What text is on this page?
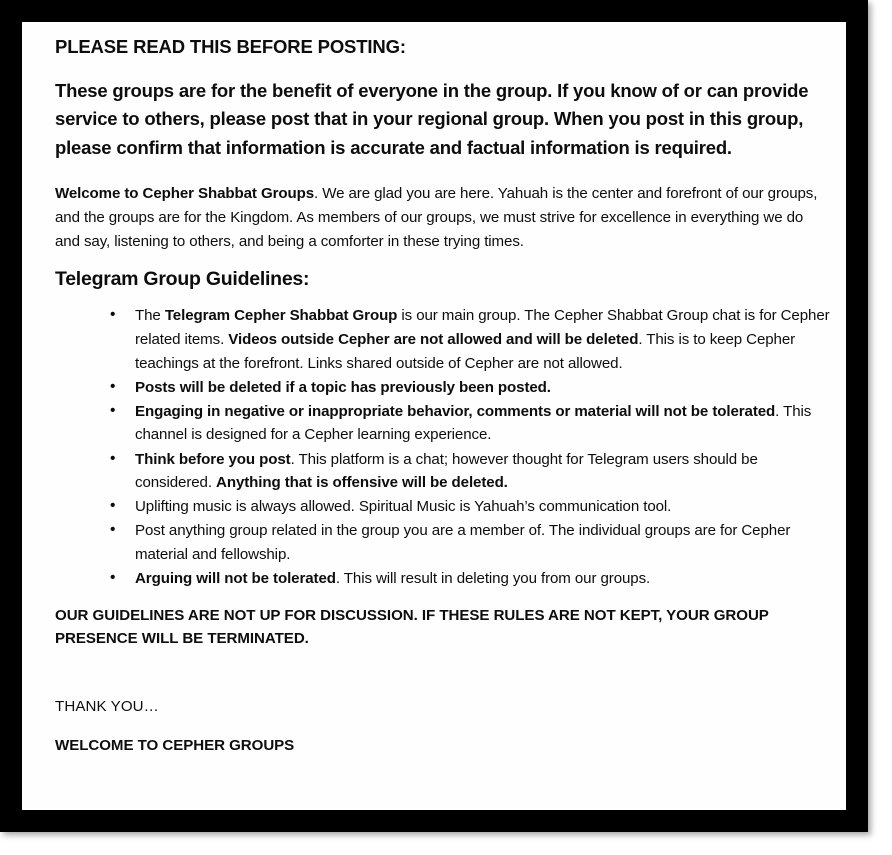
PLEASE READ THIS BEFORE POSTING:

These groups are for the benefit of everyone in the group. If you know of or can provide service to others, please post that in your regional group. When you post in this group, please confirm that information is accurate and factual information is required.

Welcome to Cepher Shabbat Groups. We are glad you are here. Yahuah is the center and forefront of our groups, and the groups are for the Kingdom. As members of our groups, we must strive for excellence in everything we do and say, listening to others, and being a comforter in these trying times.

Telegram Group Guidelines:

• The Telegram Cepher Shabbat Group is our main group. The Cepher Shabbat Group chat is for Cepher related items. Videos outside Cepher are not allowed and will be deleted. This is to keep Cepher teachings at the forefront. Links shared outside of Cepher are not allowed.
• Posts will be deleted if a topic has previously been posted.
• Engaging in negative or inappropriate behavior, comments or material will not be tolerated. This channel is designed for a Cepher learning experience.
• Think before you post. This platform is a chat; however thought for Telegram users should be considered. Anything that is offensive will be deleted.
• Uplifting music is always allowed. Spiritual Music is Yahuah’s communication tool.
• Post anything group related in the group you are a member of. The individual groups are for Cepher material and fellowship.
• Arguing will not be tolerated. This will result in deleting you from our groups.

OUR GUIDELINES ARE NOT UP FOR DISCUSSION. IF THESE RULES ARE NOT KEPT, YOUR GROUP PRESENCE WILL BE TERMINATED.

THANK YOU…

WELCOME TO CEPHER GROUPS
